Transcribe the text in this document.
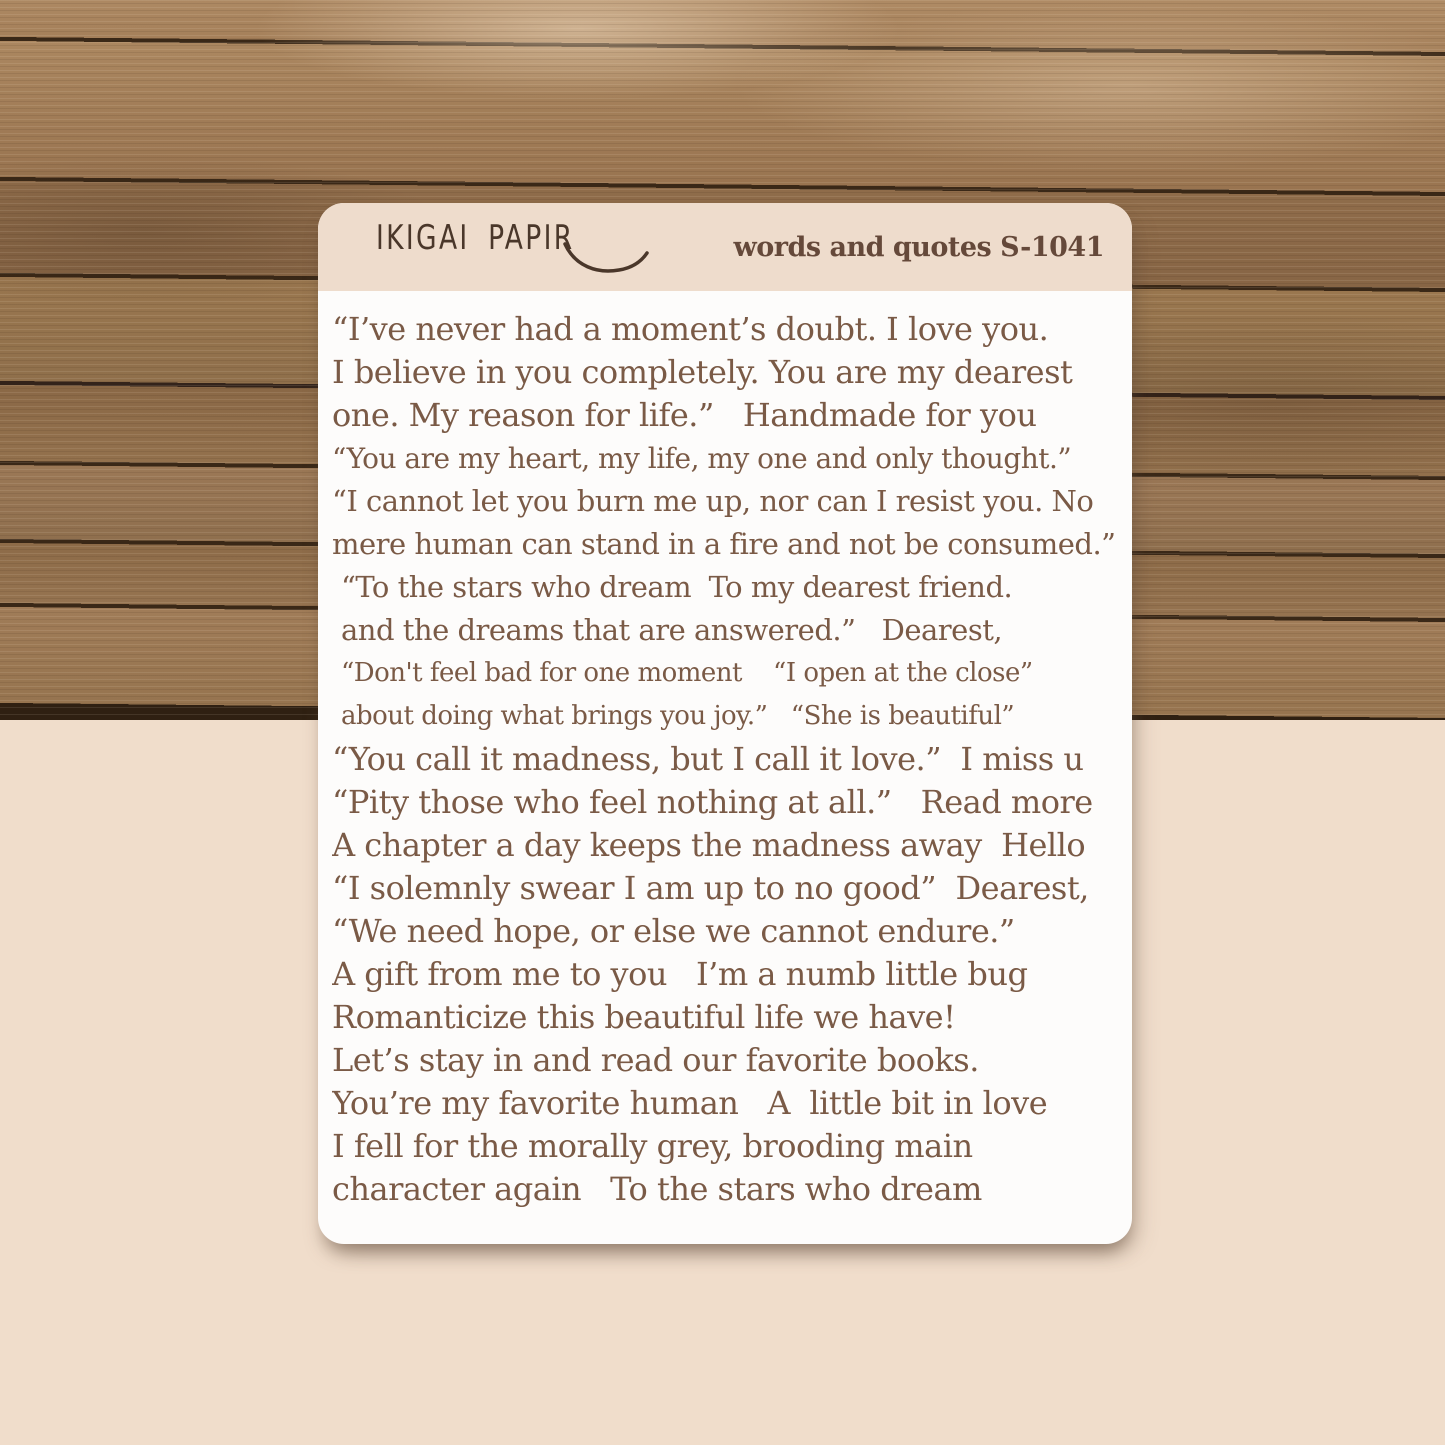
IKIGAI PAPIR	words and quotes S-1041
“I’ve never had a moment’s doubt. I love you.
I believe in you completely. You are my dearest
one. My reason for life.”   Handmade for you
“You are my heart, my life, my one and only thought.”
“I cannot let you burn me up, nor can I resist you. No
mere human can stand in a fire and not be consumed.”
“To the stars who dream  To my dearest friend.
and the dreams that are answered.”   Dearest,
“Don't feel bad for one moment    “I open at the close”
about doing what brings you joy.”   “She is beautiful”
“You call it madness, but I call it love.”  I miss u
“Pity those who feel nothing at all.”   Read more
A chapter a day keeps the madness away  Hello
“I solemnly swear I am up to no good”  Dearest,
“We need hope, or else we cannot endure.”
A gift from me to you   I’m a numb little bug
Romanticize this beautiful life we have!
Let’s stay in and read our favorite books.
You’re my favorite human   A  little bit in love
I fell for the morally grey, brooding main
character again   To the stars who dream
